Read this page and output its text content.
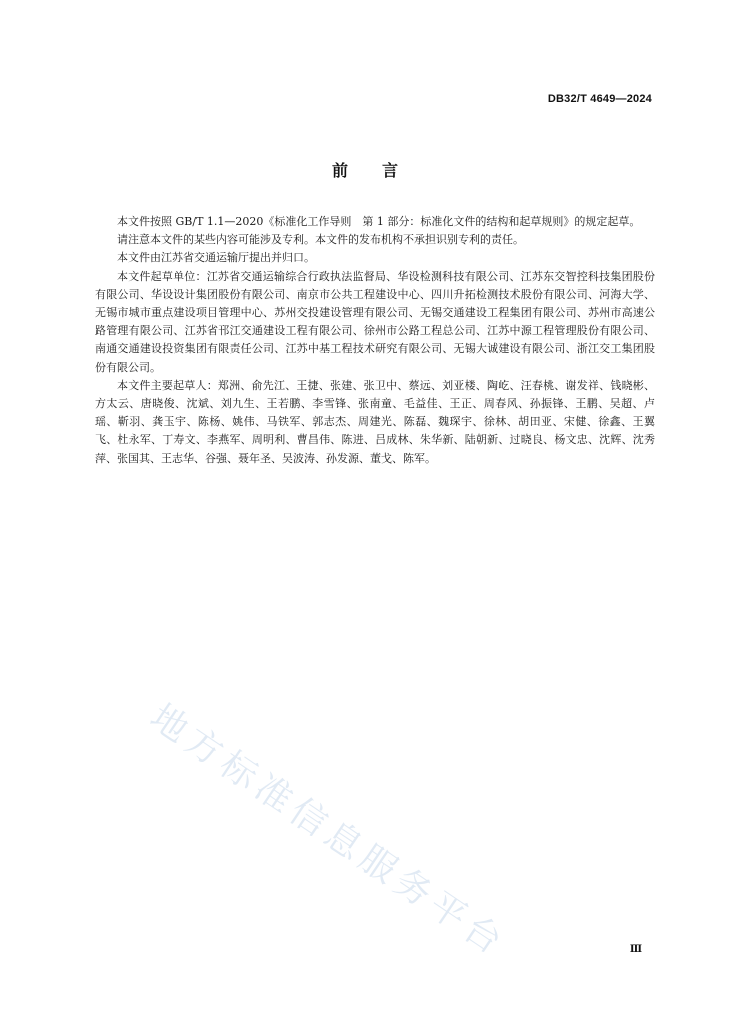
DB32/T 4649—2024
前言

本文件按照 GB/T 1.1—2020《标准化工作导则　第 1 部分：标准化文件的结构和起草规则》的规定起草。

请注意本文件的某些内容可能涉及专利。本文件的发布机构不承担识别专利的责任。

本文件由江苏省交通运输厅提出并归口。

本文件起草单位：江苏省交通运输综合行政执法监督局、华设检测科技有限公司、江苏东交智控科技集团股份有限公司、华设设计集团股份有限公司、南京市公共工程建设中心、四川升拓检测技术股份有限公司、河海大学、无锡市城市重点建设项目管理中心、苏州交投建设管理有限公司、无锡交通建设工程集团有限公司、苏州市高速公路管理有限公司、江苏省邗江交通建设工程有限公司、徐州市公路工程总公司、江苏中源工程管理股份有限公司、南通交通建设投资集团有限责任公司、江苏中基工程技术研究有限公司、无锡大诚建设有限公司、浙江交工集团股份有限公司。

本文件主要起草人：郑洲、俞先江、王捷、张建、张卫中、蔡远、刘亚楼、陶屹、汪春桃、谢发祥、钱晓彬、方太云、唐晓俊、沈斌、刘九生、王若鹏、李雪锋、张南童、毛益佳、王正、周春风、孙振锋、王鹏、吴超、卢瑶、靳羽、龚玉宇、陈杨、姚伟、马铁军、郭志杰、周建光、陈磊、魏琛宇、徐林、胡田亚、宋健、徐鑫、王翼飞、杜永军、丁寿文、李燕军、周明利、曹昌伟、陈进、吕成林、朱华新、陆朝新、过晓良、杨文忠、沈辉、沈秀萍、张国其、王志华、谷强、聂年圣、吴波涛、孙发源、董戈、陈军。

地方标准信息服务平台	Ⅲ
